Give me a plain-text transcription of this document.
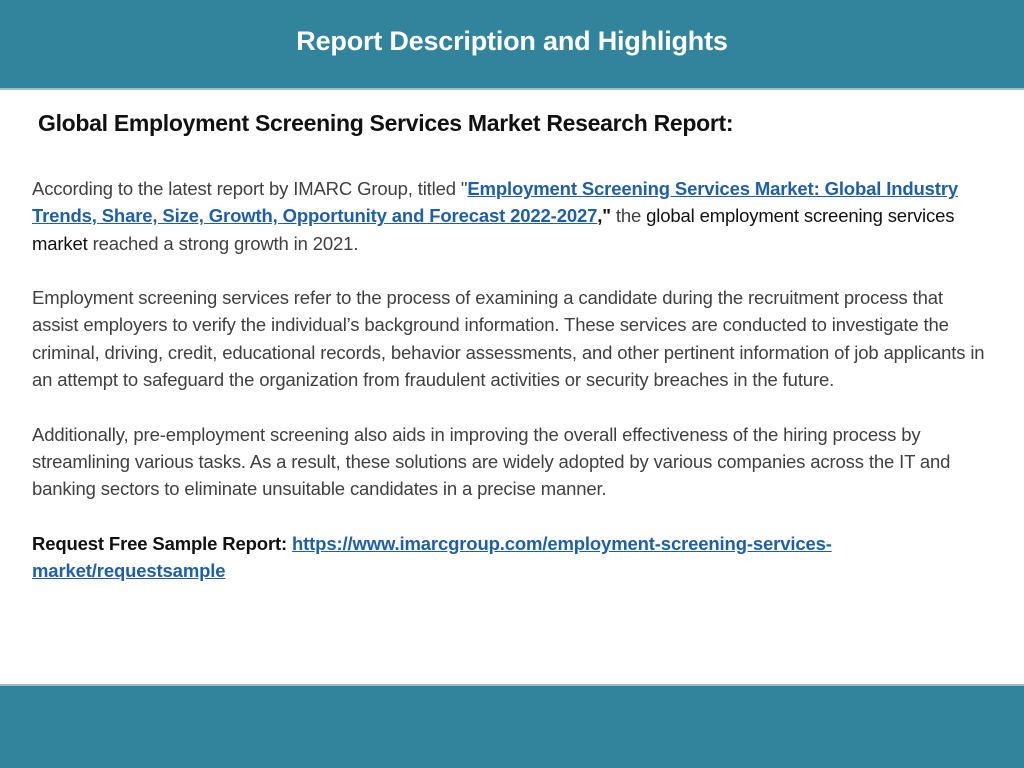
Report Description and Highlights
Global Employment Screening Services Market Research Report:

According to the latest report by IMARC Group, titled "Employment Screening Services Market: Global Industry Trends, Share, Size, Growth, Opportunity and Forecast 2022-2027," the global employment screening services market reached a strong growth in 2021.

Employment screening services refer to the process of examining a candidate during the recruitment process that assist employers to verify the individual’s background information. These services are conducted to investigate the criminal, driving, credit, educational records, behavior assessments, and other pertinent information of job applicants in an attempt to safeguard the organization from fraudulent activities or security breaches in the future.

Additionally, pre-employment screening also aids in improving the overall effectiveness of the hiring process by streamlining various tasks. As a result, these solutions are widely adopted by various companies across the IT and banking sectors to eliminate unsuitable candidates in a precise manner.

Request Free Sample Report: https://www.imarcgroup.com/employment-screening-services-market/requestsample
